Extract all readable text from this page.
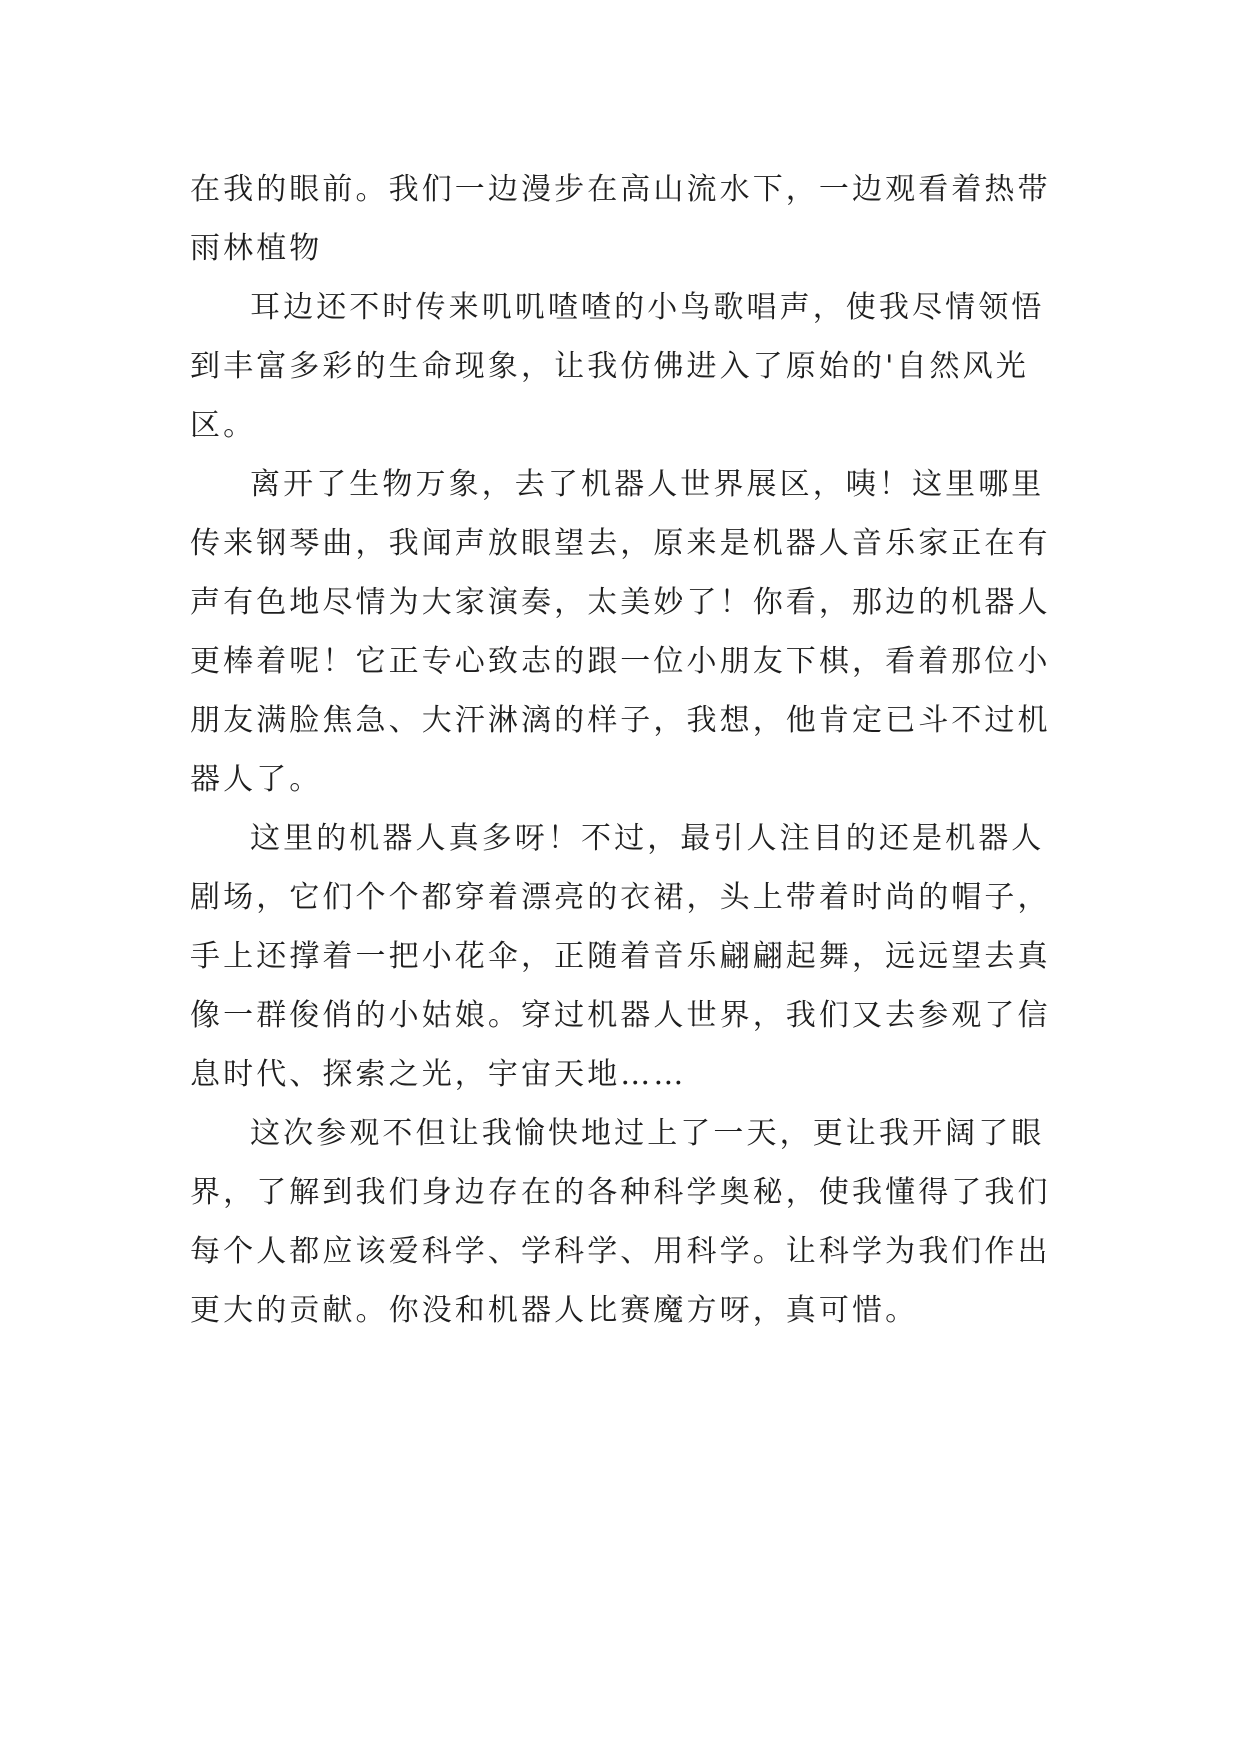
在我的眼前。我们一边漫步在高山流水下，一边观看着热带
雨林植物

耳边还不时传来叽叽喳喳的小鸟歌唱声，使我尽情领悟
到丰富多彩的生命现象，让我仿佛进入了原始的'自然风光
区。

离开了生物万象，去了机器人世界展区，咦！这里哪里
传来钢琴曲，我闻声放眼望去，原来是机器人音乐家正在有
声有色地尽情为大家演奏，太美妙了！你看，那边的机器人
更棒着呢！它正专心致志的跟一位小朋友下棋，看着那位小
朋友满脸焦急、大汗淋漓的样子，我想，他肯定已斗不过机
器人了。

这里的机器人真多呀！不过，最引人注目的还是机器人
剧场，它们个个都穿着漂亮的衣裙，头上带着时尚的帽子，
手上还撑着一把小花伞，正随着音乐翩翩起舞，远远望去真
像一群俊俏的小姑娘。穿过机器人世界，我们又去参观了信
息时代、探索之光，宇宙天地……

这次参观不但让我愉快地过上了一天，更让我开阔了眼
界，了解到我们身边存在的各种科学奥秘，使我懂得了我们
每个人都应该爱科学、学科学、用科学。让科学为我们作出
更大的贡献。你没和机器人比赛魔方呀，真可惜。
